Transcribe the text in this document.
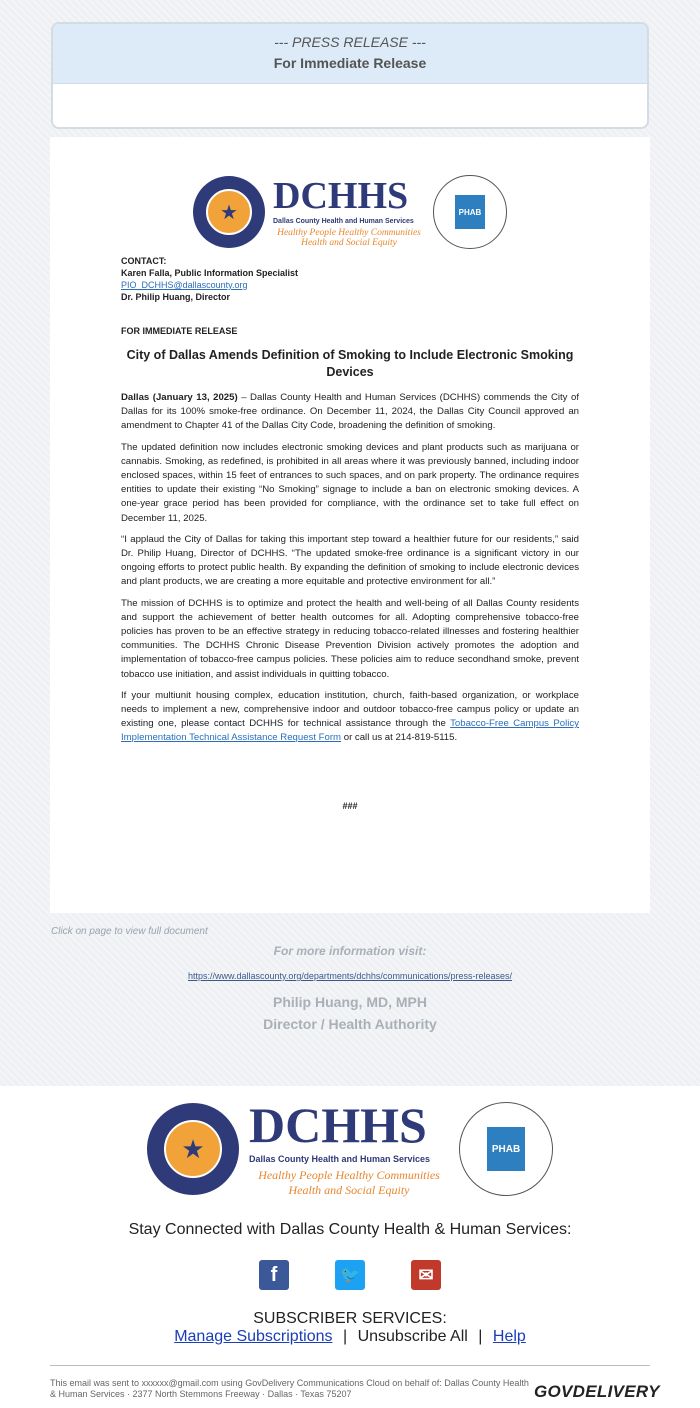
--- PRESS RELEASE ---
For Immediate Release
★ DCHHS
Dallas County Health and Human Services
Healthy People Healthy Communities
Health and Social Equity
PHAB
CONTACT:
Karen Falla, Public Information Specialist
PIO_DCHHS@dallascounty.org
Dr. Philip Huang, Director
FOR IMMEDIATE RELEASE
City of Dallas Amends Definition of Smoking to Include Electronic Smoking Devices

Dallas (January 13, 2025) – Dallas County Health and Human Services (DCHHS) commends the City of Dallas for its 100% smoke-free ordinance. On December 11, 2024, the Dallas City Council approved an amendment to Chapter 41 of the Dallas City Code, broadening the definition of smoking.

The updated definition now includes electronic smoking devices and plant products such as marijuana or cannabis. Smoking, as redefined, is prohibited in all areas where it was previously banned, including indoor enclosed spaces, within 15 feet of entrances to such spaces, and on park property. The ordinance requires entities to update their existing “No Smoking” signage to include a ban on electronic smoking devices. A one-year grace period has been provided for compliance, with the ordinance set to take full effect on December 11, 2025.

“I applaud the City of Dallas for taking this important step toward a healthier future for our residents,” said Dr. Philip Huang, Director of DCHHS. “The updated smoke-free ordinance is a significant victory in our ongoing efforts to protect public health. By expanding the definition of smoking to include electronic devices and plant products, we are creating a more equitable and protective environment for all.”

The mission of DCHHS is to optimize and protect the health and well-being of all Dallas County residents and support the achievement of better health outcomes for all. Adopting comprehensive tobacco-free policies has proven to be an effective strategy in reducing tobacco-related illnesses and fostering healthier communities. The DCHHS Chronic Disease Prevention Division actively promotes the adoption and implementation of tobacco-free campus policies. These policies aim to reduce secondhand smoke, prevent tobacco use initiation, and assist individuals in quitting tobacco.

If your multiunit housing complex, education institution, church, faith-based organization, or workplace needs to implement a new, comprehensive indoor and outdoor tobacco-free campus policy or update an existing one, please contact DCHHS for technical assistance through the Tobacco-Free Campus Policy Implementation Technical Assistance Request Form or call us at 214-819-5115.

###
Click on page to view full document
For more information visit:
https://www.dallascounty.org/departments/dchhs/communications/press-releases/
Philip Huang, MD, MPH
Director / Health Authority
★ DCHHS
Dallas County Health and Human Services
Healthy People Healthy Communities
Health and Social Equity
PHAB
Stay Connected with Dallas County Health & Human Services:
f	🐦	✉
SUBSCRIBER SERVICES:
Manage Subscriptions | Unsubscribe All | Help
This email was sent to xxxxxx@gmail.com using GovDelivery Communications Cloud on behalf of: Dallas County Health & Human Services · 2377 North Stemmons Freeway · Dallas · Texas 75207	GOVDELIVERY
